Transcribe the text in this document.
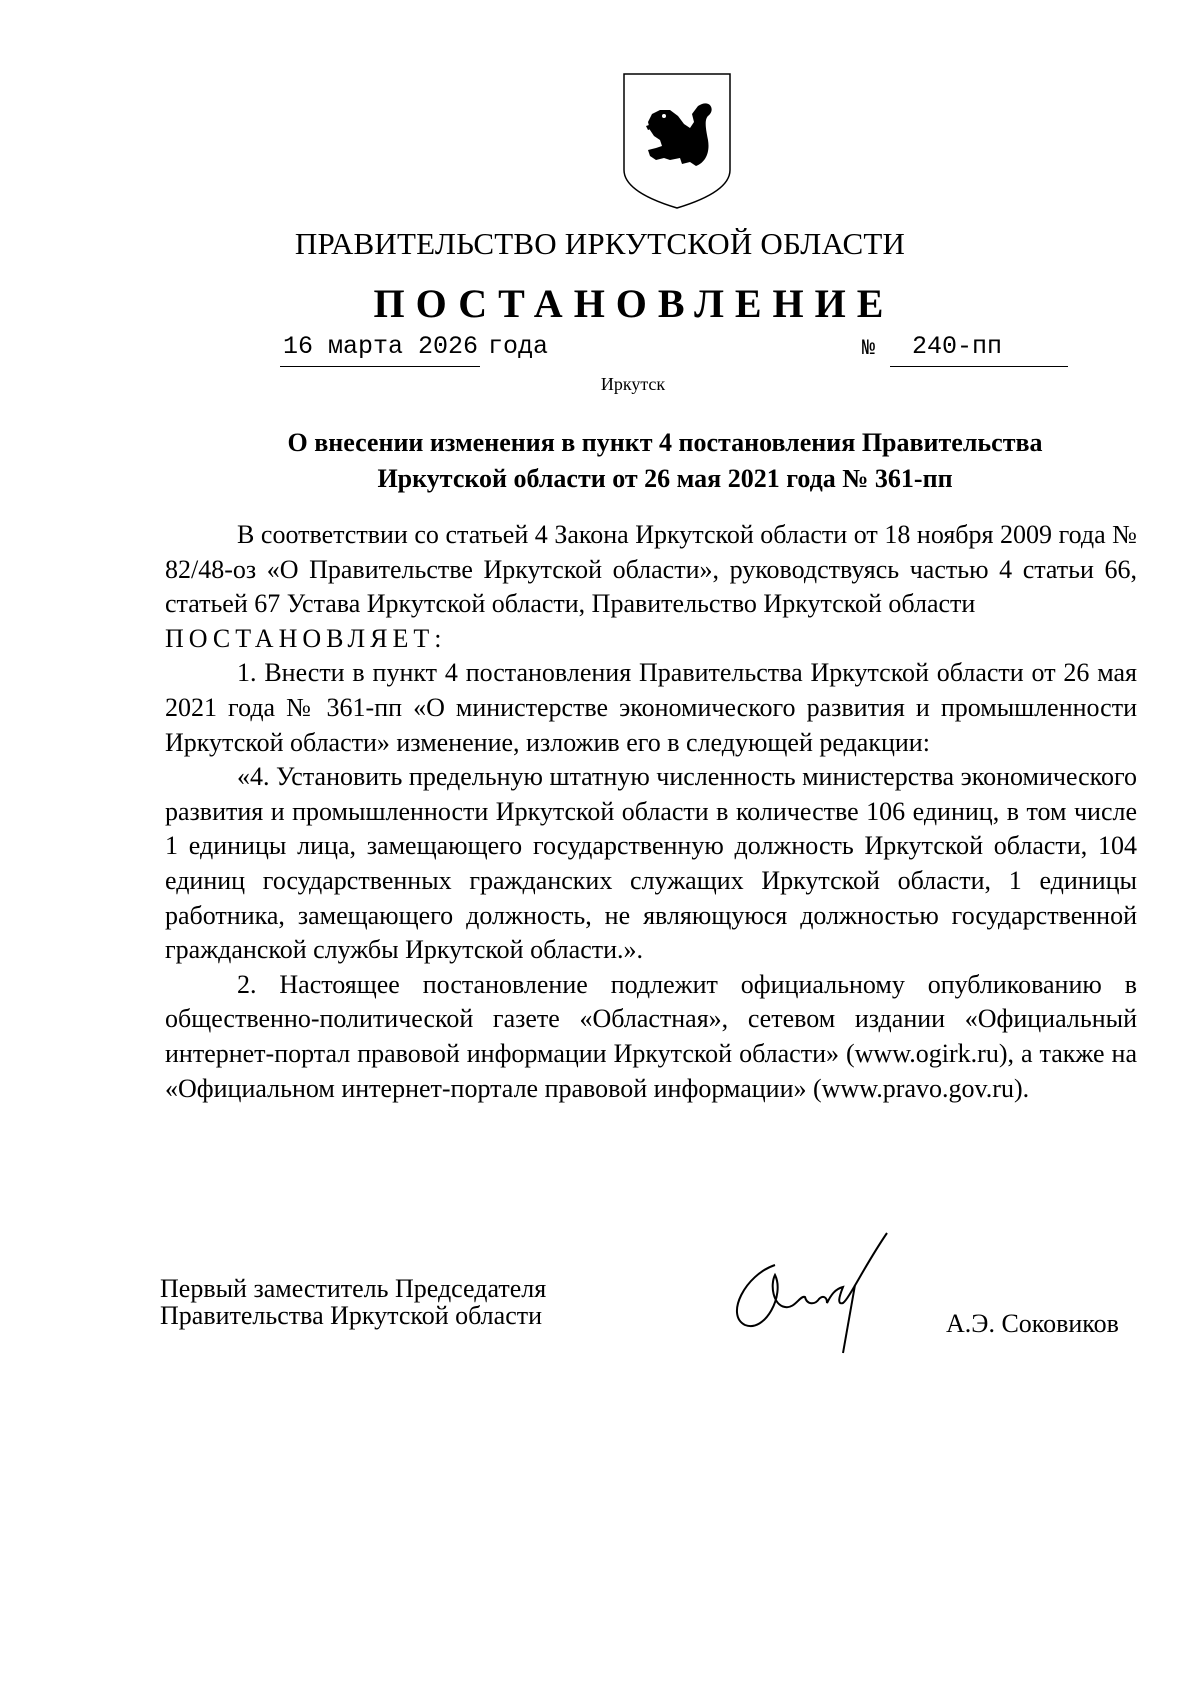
ПРАВИТЕЛЬСТВО ИРКУТСКОЙ ОБЛАСТИ
ПОСТАНОВЛЕНИЕ
16 марта 2026 года	№ 240-пп
Иркутск
О внесении изменения в пункт 4 постановления Правительства
Иркутской области от 26 мая 2021 года № 361-пп

В соответствии со статьей 4 Закона Иркутской области от 18 ноября 2009 года № 82/48-оз «О Правительстве Иркутской области», руководствуясь частью 4 статьи 66, статьей 67 Устава Иркутской области, Правительство Иркутской области

ПОСТАНОВЛЯЕТ:

1. Внести в пункт 4 постановления Правительства Иркутской области от 26 мая 2021 года № 361-пп «О министерстве экономического развития и промышленности Иркутской области» изменение, изложив его в следующей редакции:

«4. Установить предельную штатную численность министерства экономического развития и промышленности Иркутской области в количестве 106 единиц, в том числе 1 единицы лица, замещающего государственную должность Иркутской области, 104 единиц государственных гражданских служащих Иркутской области, 1 единицы работника, замещающего должность, не являющуюся должностью государственной гражданской службы Иркутской области.».

2. Настоящее постановление подлежит официальному опубликованию в общественно-политической газете «Областная», сетевом издании «Официальный интернет-портал правовой информации Иркутской области» (www.ogirk.ru), а также на «Официальном интернет-портале правовой информации» (www.pravo.gov.ru).

Первый заместитель Председателя
Правительства Иркутской области	А.Э. Соковиков
